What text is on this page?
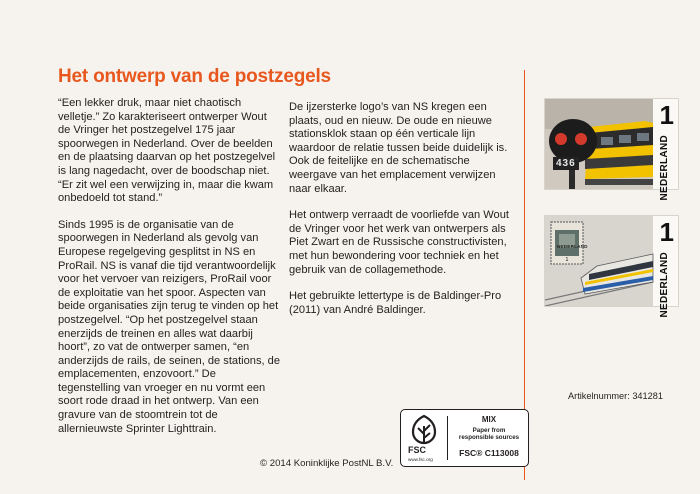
Het ontwerp van de postzegels

“Een lekker druk, maar niet chaotisch velletje.” Zo karakteriseert ontwerper Wout de Vringer het postzegelvel 175 jaar spoorwegen in Nederland. Over de beelden en de plaatsing daarvan op het postzegelvel is lang nagedacht, over de boodschap niet. “Er zit wel een verwijzing in, maar die kwam onbedoeld tot stand.”

Sinds 1995 is de organisatie van de spoorwegen in Nederland als gevolg van Europese regelgeving gesplitst in NS en ProRail. NS is vanaf die tijd verantwoordelijk voor het vervoer van reizigers, ProRail voor de exploitatie van het spoor. Aspecten van beide organisaties zijn terug te vinden op het postzegelvel. “Op het postzegelvel staan enerzijds de treinen en alles wat daarbij hoort”, zo vat de ontwerper samen, “en anderzijds de rails, de seinen, de stations, de emplacementen, enzovoort.” De tegenstelling van vroeger en nu vormt een soort rode draad in het ontwerp. Van een gravure van de stoomtrein tot de allernieuwste Sprinter Lighttrain.

De ijzersterke logo’s van NS kregen een plaats, oud en nieuw. De oude en nieuwe stationsklok staan op één verticale lijn waardoor de relatie tussen beide duidelijk is. Ook de feitelijke en de schematische weergave van het emplacement verwijzen naar elkaar.

Het ontwerp verraadt de voorliefde van Wout de Vringer voor het werk van ontwerpers als Piet Zwart en de Russische constructivisten, met hun bewondering voor techniek en het gebruik van de collagemethode.

Het gebruikte lettertype is de Baldinger-Pro (2011) van André Baldinger.

1
NEDERLAND
436
1
1
NEDERLAND
NEDERLAND
Artikelnummer: 341281
FSC
www.fsc.org
MIX
Paper from
responsible sources
FSC® C113008
© 2014 Koninklijke PostNL B.V.
